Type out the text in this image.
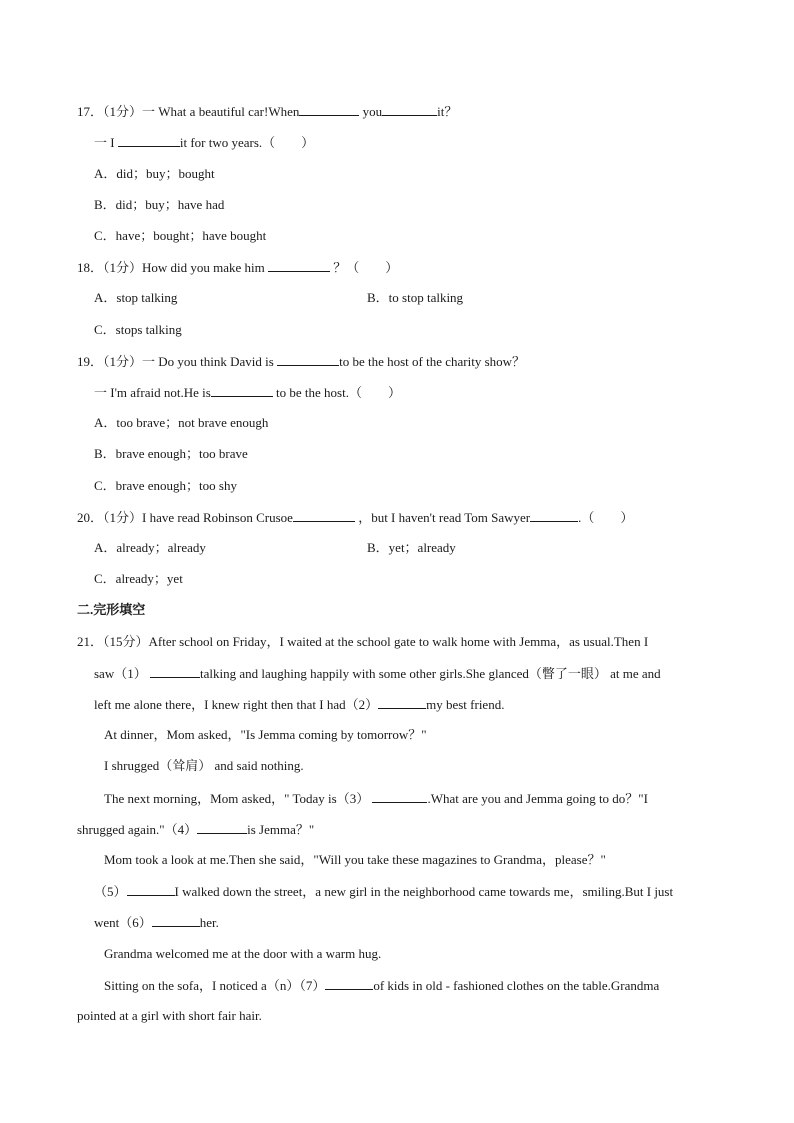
17．（1分）一 What a beautiful car!When	you	it？
一 I	it for two years.（　　）
A．did；buy；bought
B．did；buy；have had
C．have；bought；have bought
18．（1分）How did you make him	？（　　）
A．stop talking	B．to stop talking
C．stops talking
19．（1分）一 Do you think David is	to be the host of the charity show？
一 I'm afraid not.He is	to be the host.（　　）
A．too brave；not brave enough
B．brave enough；too brave
C．brave enough；too shy
20．（1分）I have read Robinson Crusoe	，but I haven't read Tom Sawyer	.（　　）
A．already；already	B．yet；already
C．already；yet
二.完形填空
21．（15分）After school on Friday，I waited at the school gate to walk home with Jemma，as usual.Then I
saw（1）	talking and laughing happily with some other girls.She glanced（瞥了一眼） at me and
left me alone there，I knew right then that I had（2）	my best friend.
At dinner，Mom asked，"Is Jemma coming by tomorrow？"
I shrugged（耸肩） and said nothing.
The next morning，Mom asked，" Today is（3）	.What are you and Jemma going to do？"I
shrugged again."（4）	is Jemma？"
Mom took a look at me.Then she said，"Will you take these magazines to Grandma，please？"
（5）	I walked down the street，a new girl in the neighborhood came towards me，smiling.But I just
went（6）	her.
Grandma welcomed me at the door with a warm hug.
Sitting on the sofa，I noticed a（n）（7）	of kids in old - fashioned clothes on the table.Grandma
pointed at a girl with short fair hair.
